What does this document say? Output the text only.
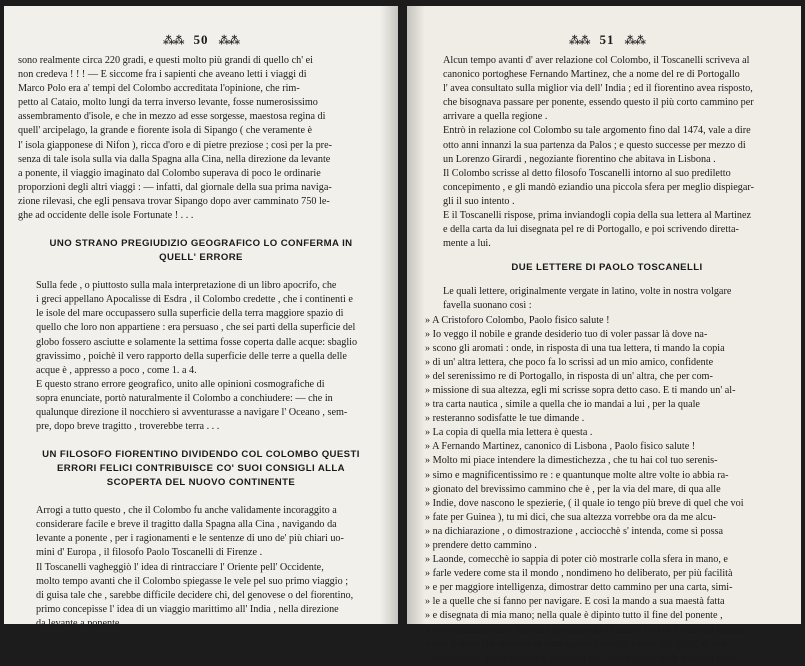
⁂⁂ 50 ⁂⁂

sono realmente circa 220 gradi, e questi molto più grandi di quello ch' ei
non credeva ! ! ! — E siccome fra i sapienti che aveano letti i viaggi di
Marco Polo era a' tempi del Colombo accreditata l'opinione, che rim-
petto al Cataio, molto lungi da terra inverso levante, fosse numerosissimo
assembramento d'isole, e che in mezzo ad esse sorgesse, maestosa regina di
quell' arcipelago, la grande e fiorente isola di Sipango ( che veramente è
l' isola giapponese di Nifon ), ricca d'oro e di pietre preziose ; così per la pre-
senza di tale isola sulla via dalla Spagna alla Cina, nella direzione da levante
a ponente, il viaggio imaginato dal Colombo superava di poco le ordinarie
proporzioni degli altri viaggi : — infatti, dal giornale della sua prima naviga-
zione rilevasi, che egli pensava trovar Sipango dopo aver camminato 750 le-
ghe ad occidente delle isole Fortunate ! . . .

UNO STRANO PREGIUDIZIO GEOGRAFICO LO CONFERMA IN
QUELL' ERRORE

Sulla fede , o piuttosto sulla mala interpretazione di un libro apocrifo, che
i greci appellano Apocalisse di Esdra , il Colombo credette , che i continenti e
le isole del mare occupassero sulla superficie della terra maggiore spazio di
quello che loro non appartiene : era persuaso , che sei parti della superficie del
globo fossero asciutte e solamente la settima fosse coperta dalle acque: sbaglio
gravissimo , poichè il vero rapporto della superficie delle terre a quella delle
acque è , appresso a poco , come 1. a 4.

E questo strano errore geografico, unito alle opinioni cosmografiche di
sopra enunciate, portò naturalmente il Colombo a conchiudere: — che in
qualunque direzione il nocchiero si avventurasse a navigare l' Oceano , sem-
pre, dopo breve tragitto , troverebbe terra . . .

UN FILOSOFO FIORENTINO DIVIDENDO COL COLOMBO QUESTI
ERRORI FELICI CONTRIBUISCE CO' SUOI CONSIGLI ALLA
SCOPERTA DEL NUOVO CONTINENTE

Arrogi a tutto questo , che il Colombo fu anche validamente incoraggito a
considerare facile e breve il tragitto dalla Spagna alla Cina , navigando da
levante a ponente , per i ragionamenti e le sentenze di uno de' più chiari uo-
mini d' Europa , il filosofo Paolo Toscanelli di Firenze .

Il Toscanelli vagheggiò l' idea di rintracciare l' Oriente pell' Occidente,
molto tempo avanti che il Colombo spiegasse le vele pel suo primo viaggio ;
di guisa tale che , sarebbe difficile decidere chi, del genovese o del fiorentino,
primo concepisse l' idea di un viaggio marittimo all' India , nella direzione
da levante a ponente .

⁂⁂ 51 ⁂⁂

Alcun tempo avanti d' aver relazione col Colombo, il Toscanelli scriveva al
canonico portoghese Fernando Martinez, che a nome del re di Portogallo
l' avea consultato sulla miglior via dell' India ; ed il fiorentino avea risposto,
che bisognava passare per ponente, essendo questo il più corto cammino per
arrivare a quella regione .

Entrò in relazione col Colombo su tale argomento fino dal 1474, vale a dire
otto anni innanzi la sua partenza da Palos ; e questo successe per mezzo di
un Lorenzo Girardi , negoziante fiorentino che abitava in Lisbona .

Il Colombo scrisse al detto filosofo Toscanelli intorno al suo prediletto
concepimento , e gli mandò eziandio una piccola sfera per meglio dispiegar-
gli il suo intento .

E il Toscanelli rispose, prima inviandogli copia della sua lettera al Martinez
e della carta da lui disegnata pel re di Portogallo, e poi scrivendo diretta-
mente a lui.

DUE LETTERE DI PAOLO TOSCANELLI

Le quali lettere, originalmente vergate in latino, volte in nostra volgare
favella suonano così :

» A Cristoforo Colombo, Paolo fisico salute !
» Io veggo il nobile e grande desiderio tuo di voler passar là dove na-
» scono gli aromati : onde, in risposta di una tua lettera, ti mando la copia
» di un' altra lettera, che poco fa lo scrissi ad un mio amico, confidente
» del serenissimo re di Portogallo, in risposta di un' altra, che per com-
» missione di sua altezza, egli mi scrisse sopra detto caso. E ti mando un' al-
» tra carta nautica , simile a quella che io mandai a lui , per la quale
» resteranno sodisfatte le tue dimande .
» La copia di quella mia lettera è questa .
» A Fernando Martinez, canonico di Lisbona , Paolo fisico salute !
» Molto mi piace intendere la dimestichezza , che tu hai col tuo serenis-
» simo e magnificentissimo re : e quantunque molte altre volte io abbia ra-
» gionato del brevissimo cammino che è , per la via del mare, di qua alle
» Indie, dove nascono le spezierie, ( il quale io tengo più breve di quel che voi
» fate per Guinea ), tu mi dici, che sua altezza vorrebbe ora da me alcu-
» na dichiarazione , o dimostrazione , acciocchè s' intenda, come si possa
» prendere detto cammino .
» Laonde, comecchè io sappia di poter ciò mostrarle colla sfera in mano, e
» farle vedere come sta il mondo , nondimeno ho deliberato, per più facilità
» e per maggiore intelligenza, dimostrar detto cammino per una carta, simi-
» le a quelle che si fanno per navigare. E così la mando a sua maestà fatta
» e disegnata di mia mano; nella quale è dipinto tutto il fine del ponente ,
» incominciando dall' Irlanda e procedendo ad austro fino in fondo alla Guinea,
» con le isole che sorgono in tutto questo tratto, di fronte alle quali, diritto
» ver ponente, giace dipinto il principio dell' Indie , colle isole e luoghi dove
